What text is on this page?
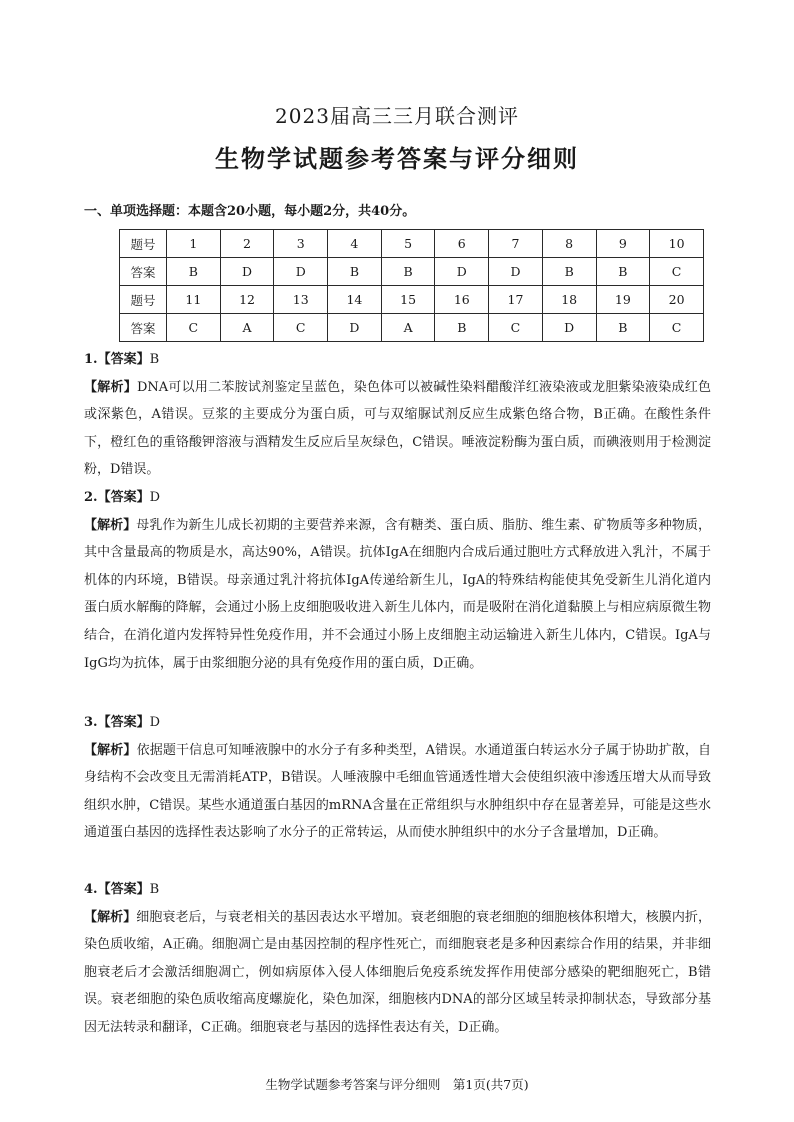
2023届高三三月联合测评
生物学试题参考答案与评分细则
一、单项选择题：本题含20小题，每小题2分，共40分。
题号	1	2	3	4	5	6	7	8	9	10
答案	B	D	D	B	B	D	D	B	B	C
题号	11	12	13	14	15	16	17	18	19	20
答案	C	A	C	D	A	B	C	D	B	C
1.【答案】B
【解析】DNA可以用二苯胺试剂鉴定呈蓝色，染色体可以被碱性染料醋酸洋红液染液或龙胆紫染液染成红色或深紫色，A错误。豆浆的主要成分为蛋白质，可与双缩脲试剂反应生成紫色络合物，B正确。在酸性条件下，橙红色的重铬酸钾溶液与酒精发生反应后呈灰绿色，C错误。唾液淀粉酶为蛋白质，而碘液则用于检测淀粉，D错误。
2.【答案】D
【解析】母乳作为新生儿成长初期的主要营养来源，含有糖类、蛋白质、脂肪、维生素、矿物质等多种物质，其中含量最高的物质是水，高达90%，A错误。抗体IgA在细胞内合成后通过胞吐方式释放进入乳汁，不属于机体的内环境，B错误。母亲通过乳汁将抗体IgA传递给新生儿，IgA的特殊结构能使其免受新生儿消化道内蛋白质水解酶的降解，会通过小肠上皮细胞吸收进入新生儿体内，而是吸附在消化道黏膜上与相应病原微生物结合，在消化道内发挥特异性免疫作用，并不会通过小肠上皮细胞主动运输进入新生儿体内，C错误。IgA与IgG均为抗体，属于由浆细胞分泌的具有免疫作用的蛋白质，D正确。
3.【答案】D
【解析】依据题干信息可知唾液腺中的水分子有多种类型，A错误。水通道蛋白转运水分子属于协助扩散，自身结构不会改变且无需消耗ATP，B错误。人唾液腺中毛细血管通透性增大会使组织液中渗透压增大从而导致组织水肿，C错误。某些水通道蛋白基因的mRNA含量在正常组织与水肿组织中存在显著差异，可能是这些水通道蛋白基因的选择性表达影响了水分子的正常转运，从而使水肿组织中的水分子含量增加，D正确。
4.【答案】B
【解析】细胞衰老后，与衰老相关的基因表达水平增加。衰老细胞的衰老细胞的细胞核体积增大，核膜内折，染色质收缩，A正确。细胞凋亡是由基因控制的程序性死亡，而细胞衰老是多种因素综合作用的结果，并非细胞衰老后才会激活细胞凋亡，例如病原体入侵人体细胞后免疫系统发挥作用使部分感染的靶细胞死亡，B错误。衰老细胞的染色质收缩高度螺旋化，染色加深，细胞核内DNA的部分区域呈转录抑制状态，导致部分基因无法转录和翻译，C正确。细胞衰老与基因的选择性表达有关，D正确。
生物学试题参考答案与评分细则　第1页(共7页)
